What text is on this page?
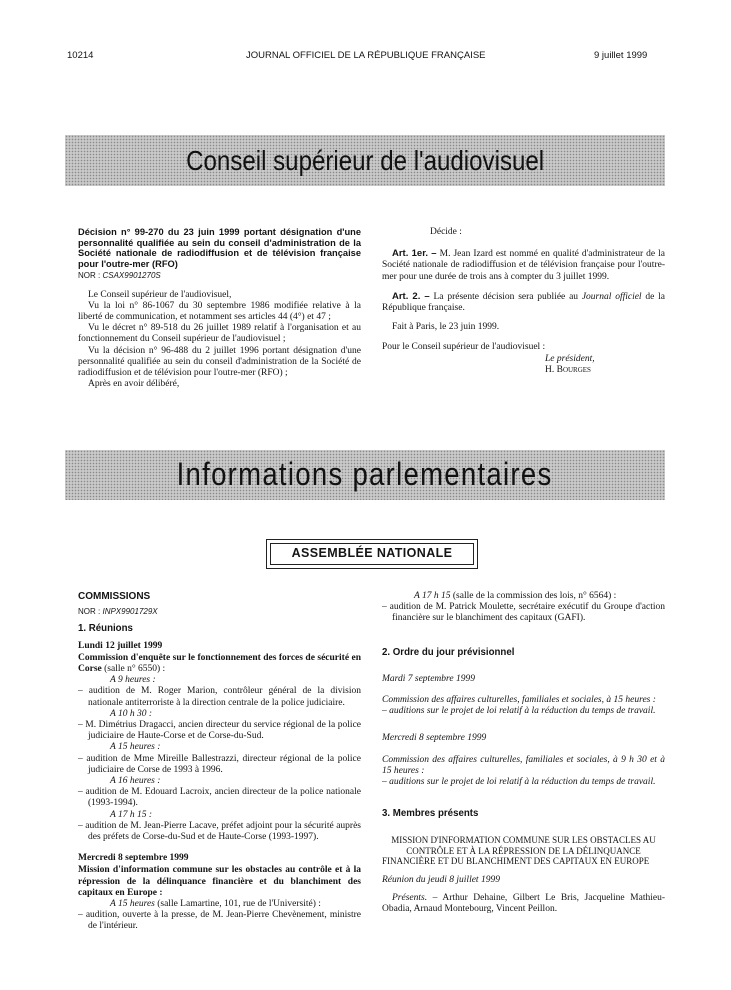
10214	JOURNAL OFFICIEL DE LA RÉPUBLIQUE FRANÇAISE	9 juillet 1999
Conseil supérieur de l'audiovisuel

Décision n° 99-270 du 23 juin 1999 portant désignation d'une personnalité qualifiée au sein du conseil d'administration de la Société nationale de radiodiffusion et de télévision française pour l'outre-mer (RFO)

NOR : CSAX9901270S

Le Conseil supérieur de l'audiovisuel,

Vu la loi n° 86-1067 du 30 septembre 1986 modifiée relative à la liberté de communication, et notamment ses articles 44 (4°) et 47 ;

Vu le décret n° 89-518 du 26 juillet 1989 relatif à l'organisation et au fonctionnement du Conseil supérieur de l'audiovisuel ;

Vu la décision n° 96-488 du 2 juillet 1996 portant désignation d'une personnalité qualifiée au sein du conseil d'administration de la Société de radiodiffusion et de télévision pour l'outre-mer (RFO) ;

Après en avoir délibéré,

Décide :

Art. 1er. – M. Jean Izard est nommé en qualité d'administrateur de la Société nationale de radiodiffusion et de télévision française pour l'outre-mer pour une durée de trois ans à compter du 3 juillet 1999.

Art. 2. – La présente décision sera publiée au Journal officiel de la République française.

Fait à Paris, le 23 juin 1999.

Pour le Conseil supérieur de l'audiovisuel :

Le président,

H. Bourges

Informations parlementaires
ASSEMBLÉE NATIONALE

COMMISSIONS

NOR : INPX9901729X

1. Réunions

Lundi 12 juillet 1999

Commission d'enquête sur le fonctionnement des forces de sécurité en Corse (salle n° 6550) :

A 9 heures :

– audition de M. Roger Marion, contrôleur général de la division nationale antiterroriste à la direction centrale de la police judiciaire.

A 10 h 30 :

– M. Dimétrius Dragacci, ancien directeur du service régional de la police judiciaire de Haute-Corse et de Corse-du-Sud.

A 15 heures :

– audition de Mme Mireille Ballestrazzi, directeur régional de la police judiciaire de Corse de 1993 à 1996.

A 16 heures :

– audition de M. Edouard Lacroix, ancien directeur de la police nationale (1993-1994).

A 17 h 15 :

– audition de M. Jean-Pierre Lacave, préfet adjoint pour la sécurité auprès des préfets de Corse-du-Sud et de Haute-Corse (1993-1997).

Mercredi 8 septembre 1999

Mission d'information commune sur les obstacles au contrôle et à la répression de la délinquance financière et du blanchiment des capitaux en Europe :

A 15 heures (salle Lamartine, 101, rue de l'Université) :

– audition, ouverte à la presse, de M. Jean-Pierre Chevènement, ministre de l'intérieur.

A 17 h 15 (salle de la commission des lois, n° 6564) :

– audition de M. Patrick Moulette, secrétaire exécutif du Groupe d'action financière sur le blanchiment des capitaux (GAFI).

2. Ordre du jour prévisionnel

Mardi 7 septembre 1999

Commission des affaires culturelles, familiales et sociales, à 15 heures :

– auditions sur le projet de loi relatif à la réduction du temps de travail.

Mercredi 8 septembre 1999

Commission des affaires culturelles, familiales et sociales, à 9 h 30 et à 15 heures :

– auditions sur le projet de loi relatif à la réduction du temps de travail.

3. Membres présents

MISSION D'INFORMATION COMMUNE SUR LES OBSTACLES AU CONTRÔLE ET À LA RÉPRESSION DE LA DÉLINQUANCE FINANCIÈRE ET DU BLANCHIMENT DES CAPITAUX EN EUROPE

Réunion du jeudi 8 juillet 1999

Présents. – Arthur Dehaine, Gilbert Le Bris, Jacqueline Mathieu-Obadia, Arnaud Montebourg, Vincent Peillon.
